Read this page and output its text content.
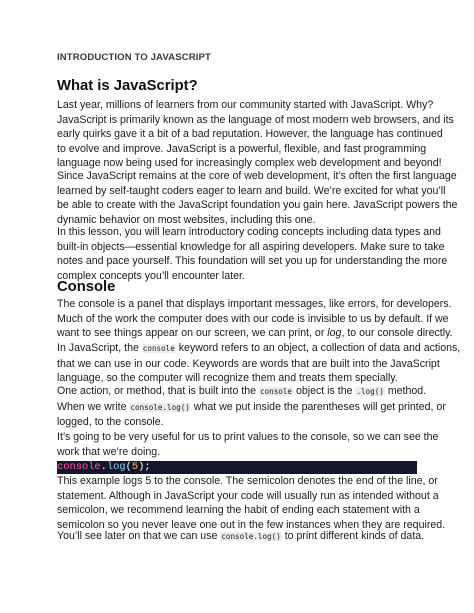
INTRODUCTION TO JAVASCRIPT
What is JavaScript?

Last year, millions of learners from our community started with JavaScript. Why?
JavaScript is primarily known as the language of most modern web browsers, and its
early quirks gave it a bit of a bad reputation. However, the language has continued
to evolve and improve. JavaScript is a powerful, flexible, and fast programming
language now being used for increasingly complex web development and beyond!

Since JavaScript remains at the core of web development, it’s often the first language
learned by self-taught coders eager to learn and build. We’re excited for what you’ll
be able to create with the JavaScript foundation you gain here. JavaScript powers the
dynamic behavior on most websites, including this one.

In this lesson, you will learn introductory coding concepts including data types and
built-in objects—essential knowledge for all aspiring developers. Make sure to take
notes and pace yourself. This foundation will set you up for understanding the more
complex concepts you’ll encounter later.

Console

The console is a panel that displays important messages, like errors, for developers.
Much of the work the computer does with our code is invisible to us by default. If we
want to see things appear on our screen, we can print, or log, to our console directly.

In JavaScript, the console keyword refers to an object, a collection of data and actions,
that we can use in our code. Keywords are words that are built into the JavaScript
language, so the computer will recognize them and treats them specially.

One action, or method, that is built into the console object is the .log() method.
When we write console.log() what we put inside the parentheses will get printed, or
logged, to the console.

It’s going to be very useful for us to print values to the console, so we can see the
work that we’re doing.

console.log(5);

This example logs 5 to the console. The semicolon denotes the end of the line, or
statement. Although in JavaScript your code will usually run as intended without a
semicolon, we recommend learning the habit of ending each statement with a
semicolon so you never leave one out in the few instances when they are required.

You’ll see later on that we can use console.log() to print different kinds of data.
